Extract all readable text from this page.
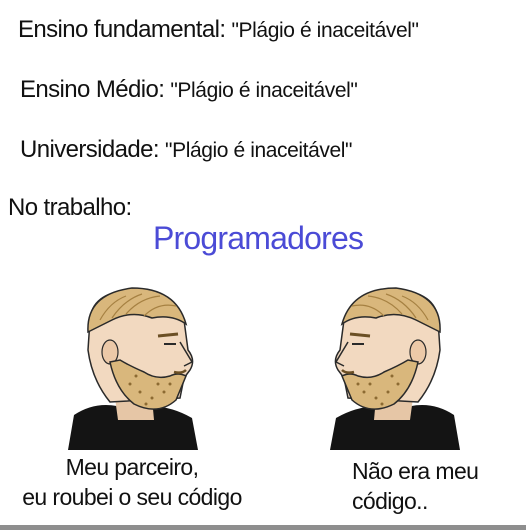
Ensino fundamental: "Plágio é inaceitável"
Ensino Médio: "Plágio é inaceitável"
Universidade: "Plágio é inaceitável"
No trabalho:
Programadores
Meu parceiro,
eu roubei o seu código
Não era meu
código..
